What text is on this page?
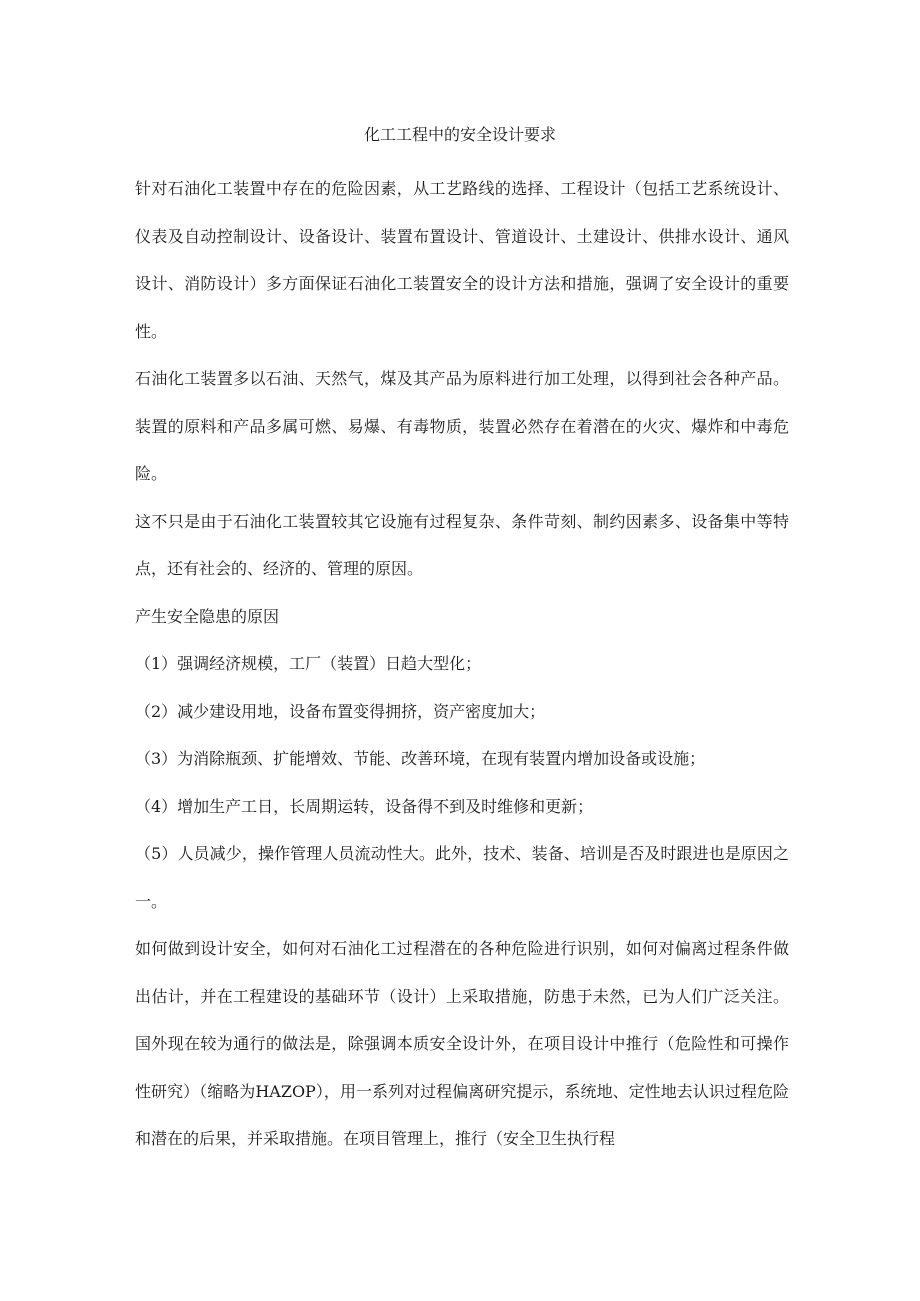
化工工程中的安全设计要求

针对石油化工装置中存在的危险因素，从工艺路线的选择、工程设计（包括工艺系统设计、仪表及自动控制设计、设备设计、装置布置设计、管道设计、土建设计、供排水设计、通风设计、消防设计）多方面保证石油化工装置安全的设计方法和措施，强调了安全设计的重要性。

石油化工装置多以石油、天然气，煤及其产品为原料进行加工处理，以得到社会各种产品。装置的原料和产品多属可燃、易爆、有毒物质，装置必然存在着潜在的火灾、爆炸和中毒危险。

这不只是由于石油化工装置较其它设施有过程复杂、条件苛刻、制约因素多、设备集中等特点，还有社会的、经济的、管理的原因。

产生安全隐患的原因

（1）强调经济规模，工厂（装置）日趋大型化；

（2）减少建设用地，设备布置变得拥挤，资产密度加大；

（3）为消除瓶颈、扩能增效、节能、改善环境，在现有装置内增加设备或设施；

（4）增加生产工日，长周期运转，设备得不到及时维修和更新；

（5）人员减少，操作管理人员流动性大。此外，技术、装备、培训是否及时跟进也是原因之一。

如何做到设计安全，如何对石油化工过程潜在的各种危险进行识别，如何对偏离过程条件做出估计，并在工程建设的基础环节（设计）上采取措施，防患于未然，已为人们广泛关注。国外现在较为通行的做法是，除强调本质安全设计外，在项目设计中推行（危险性和可操作性研究）（缩略为HAZOP），用一系列对过程偏离研究提示，系统地、定性地去认识过程危险和潜在的后果，并采取措施。在项目管理上，推行（安全卫生执行程
